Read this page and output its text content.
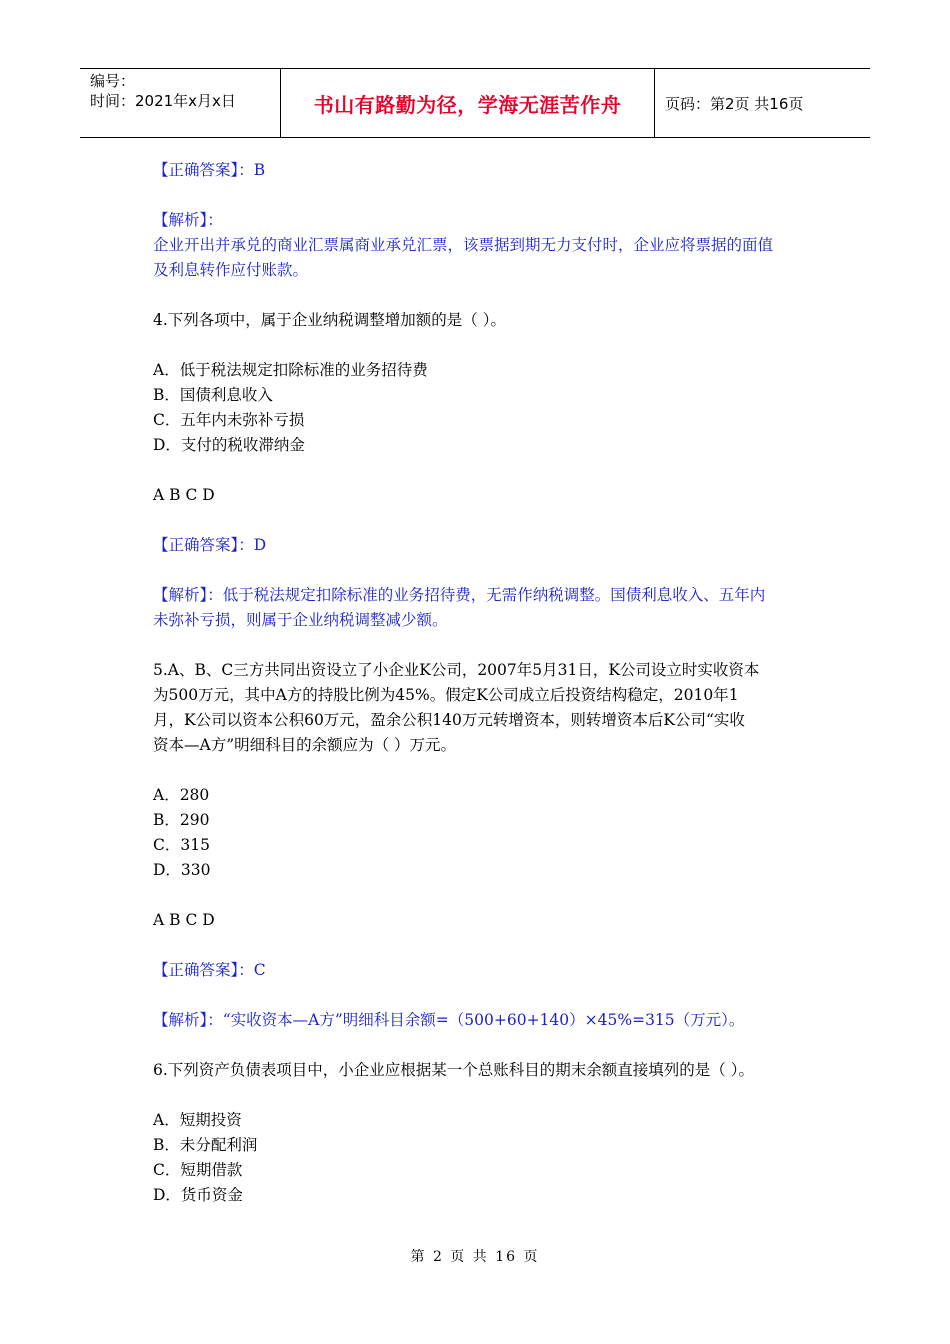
编号：
时间：2021年x月x日	书山有路勤为径，学海无涯苦作舟	页码：第2页 共16页
【正确答案】：B
【解析】：
企业开出并承兑的商业汇票属商业承兑汇票，该票据到期无力支付时，企业应将票据的面值
及利息转作应付账款。
4.下列各项中，属于企业纳税调整增加额的是（ ）。
A．低于税法规定扣除标准的业务招待费
B．国债利息收入
C．五年内未弥补亏损
D．支付的税收滞纳金
A B C D
【正确答案】：D
【解析】：低于税法规定扣除标准的业务招待费，无需作纳税调整。国债利息收入、五年内
未弥补亏损，则属于企业纳税调整减少额。
5.A、B、C三方共同出资设立了小企业K公司，2007年5月31日，K公司设立时实收资本
为500万元，其中A方的持股比例为45%。假定K公司成立后投资结构稳定，2010年1
月，K公司以资本公积60万元，盈余公积140万元转增资本，则转增资本后K公司“实收
资本—A方”明细科目的余额应为（ ）万元。
A．280
B．290
C．315
D．330
A B C D
【正确答案】：C
【解析】：“实收资本—A方”明细科目余额=（500+60+140）×45%=315（万元）。
6.下列资产负债表项目中，小企业应根据某一个总账科目的期末余额直接填列的是（ ）。
A．短期投资
B．未分配利润
C．短期借款
D．货币资金
第 2 页 共 16 页
